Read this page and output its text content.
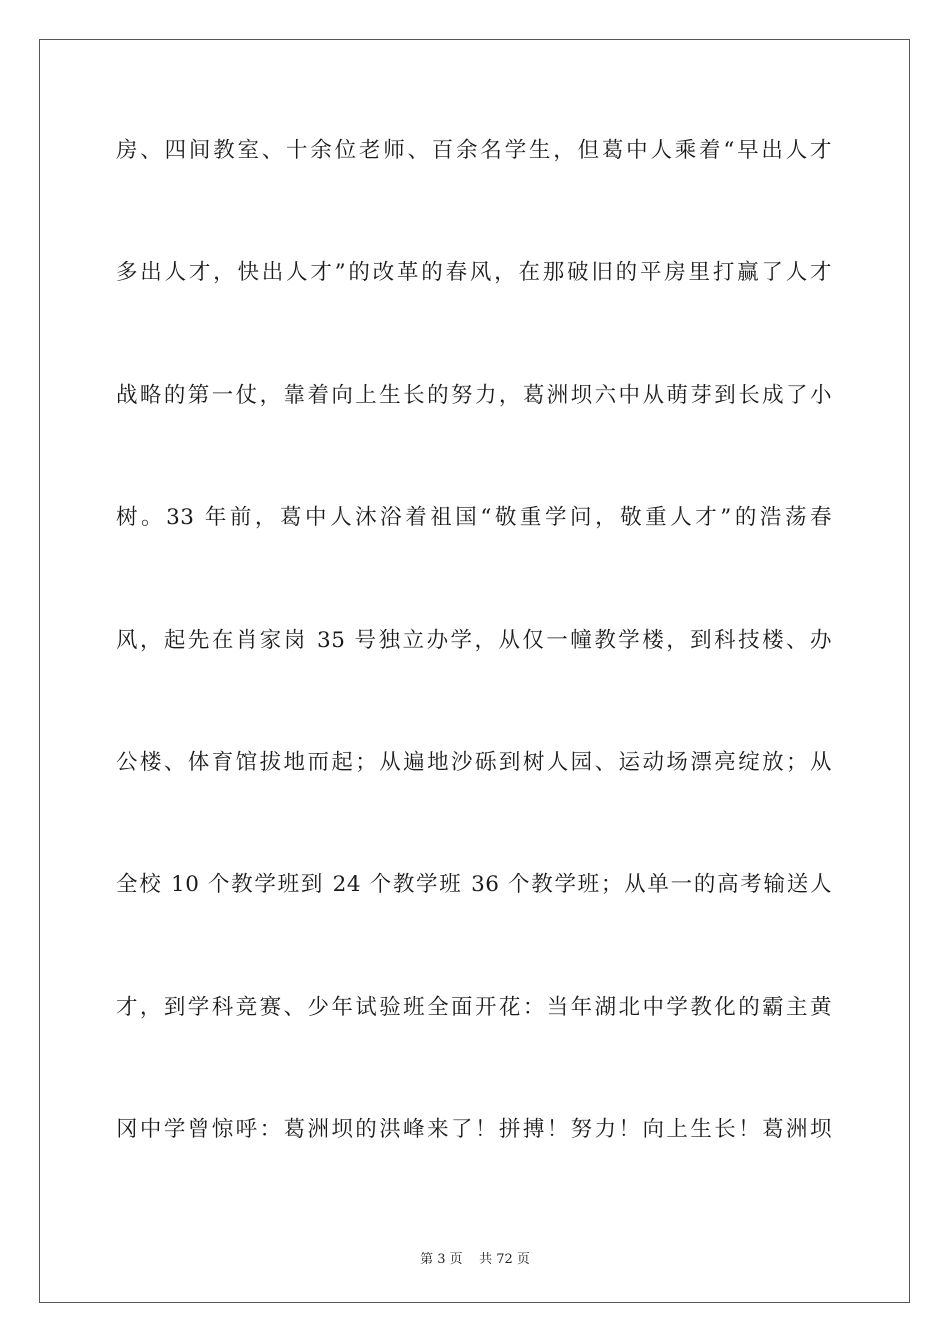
房、四间教室、十余位老师、百余名学生，但葛中人乘着“早出人才
多出人才，快出人才”的改革的春风，在那破旧的平房里打赢了人才
战略的第一仗，靠着向上生长的努力，葛洲坝六中从萌芽到长成了小
树。33 年前，葛中人沐浴着祖国“敬重学问，敬重人才”的浩荡春
风，起先在肖家岗 35 号独立办学，从仅一幢教学楼，到科技楼、办
公楼、体育馆拔地而起；从遍地沙砾到树人园、运动场漂亮绽放；从
全校 10 个教学班到 24 个教学班 36 个教学班；从单一的高考输送人
才，到学科竞赛、少年试验班全面开花：当年湖北中学教化的霸主黄
冈中学曾惊呼：葛洲坝的洪峰来了！拼搏！努力！向上生长！葛洲坝
第 3 页    共 72 页
